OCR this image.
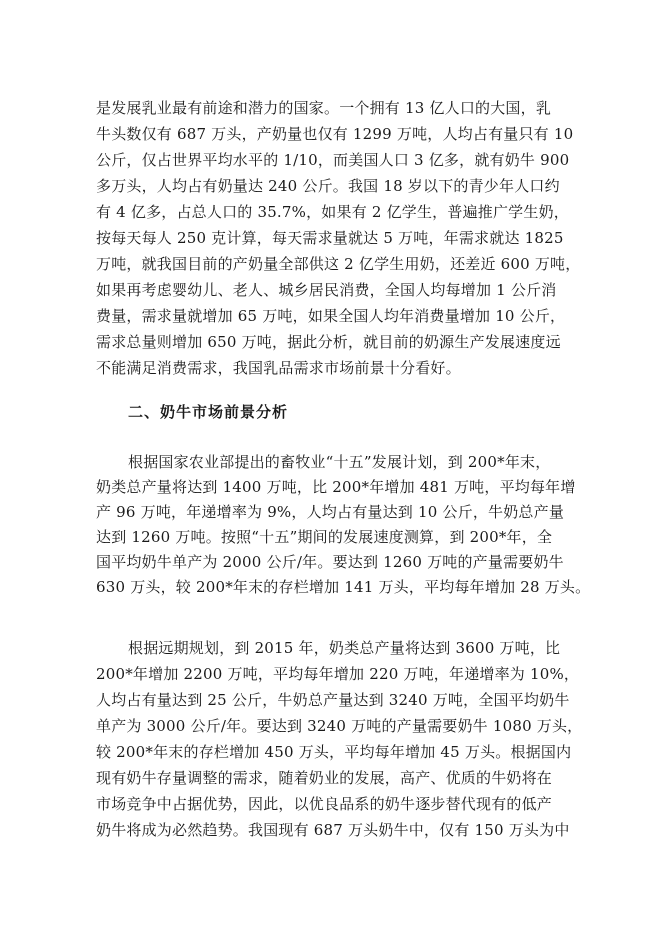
是发展乳业最有前途和潜力的国家。一个拥有 13 亿人口的大国，乳
牛头数仅有 687 万头，产奶量也仅有 1299 万吨，人均占有量只有 10
公斤，仅占世界平均水平的 1/10，而美国人口 3 亿多，就有奶牛 900
多万头，人均占有奶量达 240 公斤。我国 18 岁以下的青少年人口约
有 4 亿多，占总人口的 35.7%，如果有 2 亿学生，普遍推广学生奶，
按每天每人 250 克计算，每天需求量就达 5 万吨，年需求就达 1825
万吨，就我国目前的产奶量全部供这 2 亿学生用奶，还差近 600 万吨，
如果再考虑婴幼儿、老人、城乡居民消费，全国人均每增加 1 公斤消
费量，需求量就增加 65 万吨，如果全国人均年消费量增加 10 公斤，
需求总量则增加 650 万吨，据此分析，就目前的奶源生产发展速度远
不能满足消费需求，我国乳品需求市场前景十分看好。
二、奶牛市场前景分析
根据国家农业部提出的畜牧业“十五”发展计划，到 200*年末，
奶类总产量将达到 1400 万吨，比 200*年增加 481 万吨，平均每年增
产 96 万吨，年递增率为 9%，人均占有量达到 10 公斤，牛奶总产量
达到 1260 万吨。按照“十五”期间的发展速度测算，到 200*年，全
国平均奶牛单产为 2000 公斤/年。要达到 1260 万吨的产量需要奶牛
630 万头，较 200*年末的存栏增加 141 万头，平均每年增加 28 万头。
根据远期规划，到 2015 年，奶类总产量将达到 3600 万吨，比
200*年增加 2200 万吨，平均每年增加 220 万吨，年递增率为 10%，
人均占有量达到 25 公斤，牛奶总产量达到 3240 万吨，全国平均奶牛
单产为 3000 公斤/年。要达到 3240 万吨的产量需要奶牛 1080 万头，
较 200*年末的存栏增加 450 万头，平均每年增加 45 万头。根据国内
现有奶牛存量调整的需求，随着奶业的发展，高产、优质的牛奶将在
市场竞争中占据优势，因此，以优良品系的奶牛逐步替代现有的低产
奶牛将成为必然趋势。我国现有 687 万头奶牛中，仅有 150 万头为中
